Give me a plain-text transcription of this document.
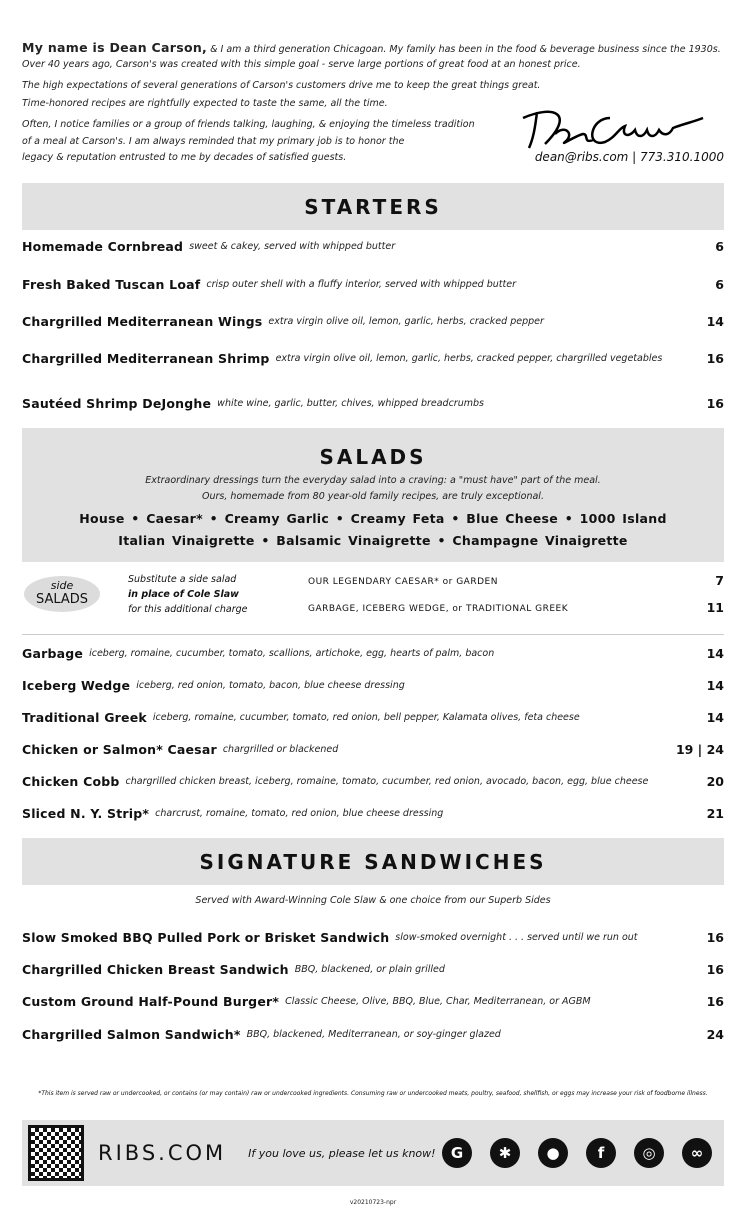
My name is Dean Carson, & I am a third generation Chicagoan. My family has been in the food & beverage business since the 1930s.
Over 40 years ago, Carson's was created with this simple goal - serve large portions of great food at an honest price.
The high expectations of several generations of Carson's customers drive me to keep the great things great.
Time-honored recipes are rightfully expected to taste the same, all the time.
Often, I notice families or a group of friends talking, laughing, & enjoying the timeless tradition
of a meal at Carson's. I am always reminded that my primary job is to honor the
legacy & reputation entrusted to me by decades of satisfied guests.	dean@ribs.com | 773.310.1000
STARTERS
Homemade Cornbread sweet & cakey, served with whipped butter	6
Fresh Baked Tuscan Loaf crisp outer shell with a fluffy interior, served with whipped butter	6
Chargrilled Mediterranean Wings extra virgin olive oil, lemon, garlic, herbs, cracked pepper	14
Chargrilled Mediterranean Shrimp extra virgin olive oil, lemon, garlic, herbs, cracked pepper, chargrilled vegetables	16
Sautéed Shrimp DeJonghe white wine, garlic, butter, chives, whipped breadcrumbs	16
SALADS
Extraordinary dressings turn the everyday salad into a craving: a "must have" part of the meal.
Ours, homemade from 80 year-old family recipes, are truly exceptional.
House • Caesar* • Creamy Garlic • Creamy Feta • Blue Cheese • 1000 Island
Italian Vinaigrette • Balsamic Vinaigrette • Champagne Vinaigrette
side
SALADS
Substitute a side salad
in place of Cole Slaw
for this additional charge
OUR LEGENDARY CAESAR* or GARDEN	7
GARBAGE, ICEBERG WEDGE, or TRADITIONAL GREEK	11
Garbage iceberg, romaine, cucumber, tomato, scallions, artichoke, egg, hearts of palm, bacon	14
Iceberg Wedge iceberg, red onion, tomato, bacon, blue cheese dressing	14
Traditional Greek iceberg, romaine, cucumber, tomato, red onion, bell pepper, Kalamata olives, feta cheese	14
Chicken or Salmon* Caesar chargrilled or blackened	19 | 24
Chicken Cobb chargrilled chicken breast, iceberg, romaine, tomato, cucumber, red onion, avocado, bacon, egg, blue cheese	20
Sliced N. Y. Strip* charcrust, romaine, tomato, red onion, blue cheese dressing	21
SIGNATURE SANDWICHES
Served with Award-Winning Cole Slaw & one choice from our Superb Sides
Slow Smoked BBQ Pulled Pork or Brisket Sandwich slow-smoked overnight . . . served until we run out	16
Chargrilled Chicken Breast Sandwich BBQ, blackened, or plain grilled	16
Custom Ground Half-Pound Burger* Classic Cheese, Olive, BBQ, Blue, Char, Mediterranean, or AGBM	16
Chargrilled Salmon Sandwich* BBQ, blackened, Mediterranean, or soy-ginger glazed	24
*This item is served raw or undercooked, or contains (or may contain) raw or undercooked ingredients. Consuming raw or undercooked meats, poultry, seafood, shellfish, or eggs may increase your risk of foodborne illness.
RIBS.COM If you love us, please let us know!	G	✱	●	f	◎	∞
v20210723-npr
